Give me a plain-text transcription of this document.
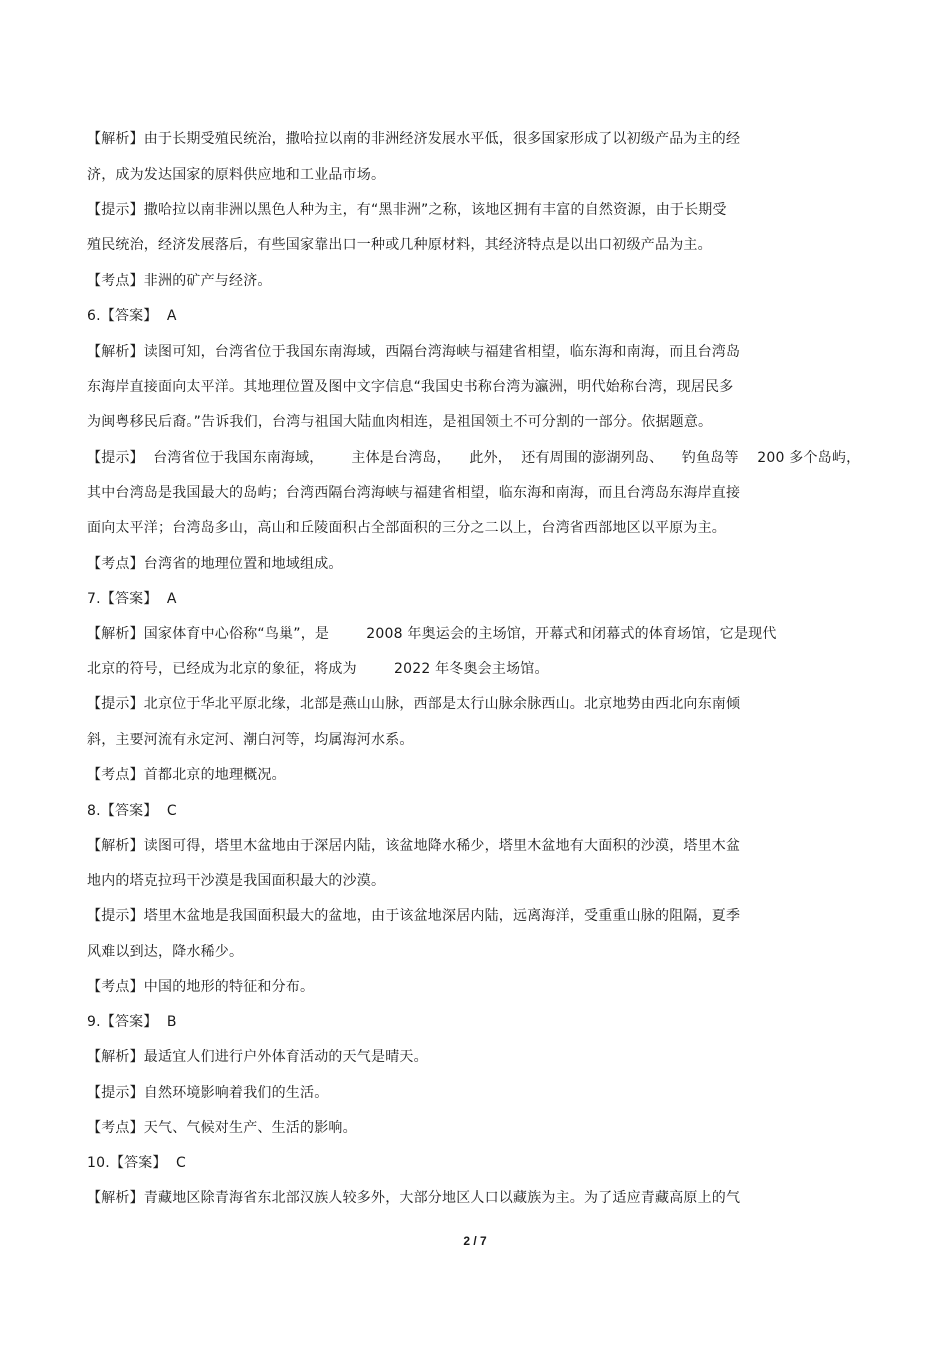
【解析】由于长期受殖民统治，撒哈拉以南的非洲经济发展水平低，很多国家形成了以初级产品为主的经
济，成为发达国家的原料供应地和工业品市场。
【提示】撒哈拉以南非洲以黑色人种为主，有“黑非洲”之称，该地区拥有丰富的自然资源，由于长期受
殖民统治，经济发展落后，有些国家靠出口一种或几种原材料，其经济特点是以出口初级产品为主。
【考点】非洲的矿产与经济。
6.【答案】  A
【解析】读图可知，台湾省位于我国东南海域，西隔台湾海峡与福建省相望，临东海和南海，而且台湾岛
东海岸直接面向太平洋。其地理位置及图中文字信息“我国史书称台湾为瀛洲，明代始称台湾，现居民多
为闽粤移民后裔。”告诉我们，台湾与祖国大陆血肉相连，是祖国领土不可分割的一部分。依据题意。
【提示】  台湾省位于我国东南海域，      主体是台湾岛，    此外，  还有周围的澎湖列岛、    钓鱼岛等    200 多个岛屿，
其中台湾岛是我国最大的岛屿；台湾西隔台湾海峡与福建省相望，临东海和南海，而且台湾岛东海岸直接
面向太平洋；台湾岛多山，高山和丘陵面积占全部面积的三分之二以上，台湾省西部地区以平原为主。
【考点】台湾省的地理位置和地域组成。
7.【答案】  A
【解析】国家体育中心俗称“鸟巢”，是        2008 年奥运会的主场馆，开幕式和闭幕式的体育场馆，它是现代
北京的符号，已经成为北京的象征，将成为        2022 年冬奥会主场馆。
【提示】北京位于华北平原北缘，北部是燕山山脉，西部是太行山脉余脉西山。北京地势由西北向东南倾
斜，主要河流有永定河、潮白河等，均属海河水系。
【考点】首都北京的地理概况。
8.【答案】  C
【解析】读图可得，塔里木盆地由于深居内陆，该盆地降水稀少，塔里木盆地有大面积的沙漠，塔里木盆
地内的塔克拉玛干沙漠是我国面积最大的沙漠。
【提示】塔里木盆地是我国面积最大的盆地，由于该盆地深居内陆，远离海洋，受重重山脉的阻隔，夏季
风难以到达，降水稀少。
【考点】中国的地形的特征和分布。
9.【答案】  B
【解析】最适宜人们进行户外体育活动的天气是晴天。
【提示】自然环境影响着我们的生活。
【考点】天气、气候对生产、生活的影响。
10.【答案】  C
【解析】青藏地区除青海省东北部汉族人较多外，大部分地区人口以藏族为主。为了适应青藏高原上的气
2 / 7
